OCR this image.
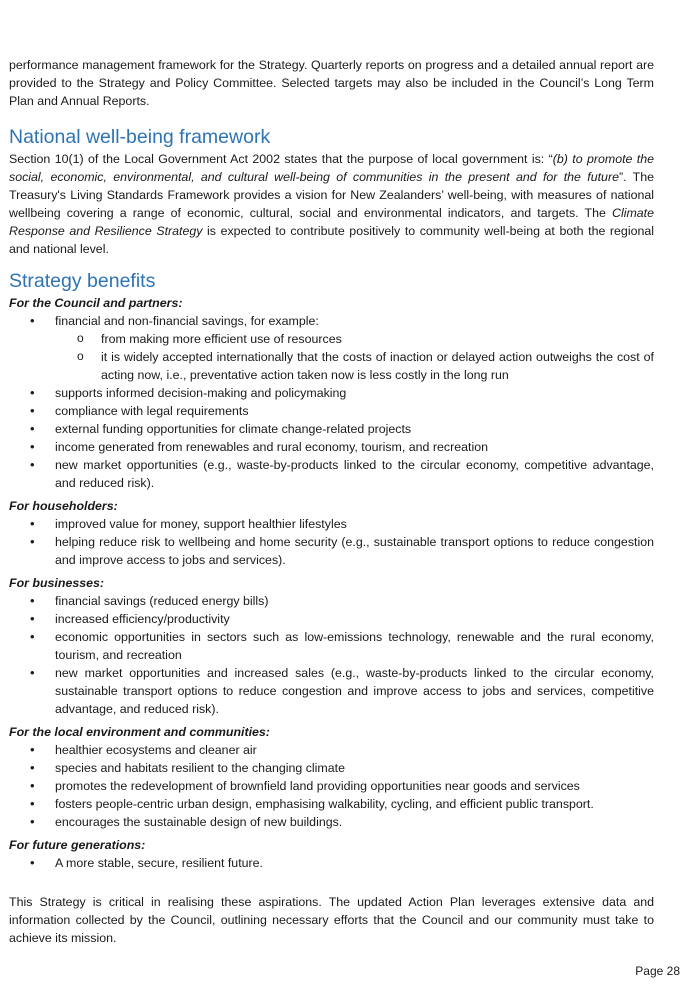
performance management framework for the Strategy. Quarterly reports on progress and a detailed annual report are provided to the Strategy and Policy Committee. Selected targets may also be included in the Council’s Long Term Plan and Annual Reports.

National well-being framework

Section 10(1) of the Local Government Act 2002 states that the purpose of local government is: “(b) to promote the social, economic, environmental, and cultural well-being of communities in the present and for the future”. The Treasury's Living Standards Framework provides a vision for New Zealanders’ well-being, with measures of national wellbeing covering a range of economic, cultural, social and environmental indicators, and targets. The Climate Response and Resilience Strategy is expected to contribute positively to community well-being at both the regional and national level.

Strategy benefits

For the Council and partners:

• financial and non-financial savings, for example:
o from making more efficient use of resources
o it is widely accepted internationally that the costs of inaction or delayed action outweighs the cost of acting now, i.e., preventative action taken now is less costly in the long run
• supports informed decision-making and policymaking
• compliance with legal requirements
• external funding opportunities for climate change-related projects
• income generated from renewables and rural economy, tourism, and recreation
• new market opportunities (e.g., waste-by-products linked to the circular economy, competitive advantage, and reduced risk).

For householders:

• improved value for money, support healthier lifestyles
• helping reduce risk to wellbeing and home security (e.g., sustainable transport options to reduce congestion and improve access to jobs and services).

For businesses:

• financial savings (reduced energy bills)
• increased efficiency/productivity
• economic opportunities in sectors such as low-emissions technology, renewable and the rural economy, tourism, and recreation
• new market opportunities and increased sales (e.g., waste-by-products linked to the circular economy, sustainable transport options to reduce congestion and improve access to jobs and services, competitive advantage, and reduced risk).

For the local environment and communities:

• healthier ecosystems and cleaner air
• species and habitats resilient to the changing climate
• promotes the redevelopment of brownfield land providing opportunities near goods and services
• fosters people-centric urban design, emphasising walkability, cycling, and efficient public transport.
• encourages the sustainable design of new buildings.

For future generations:

• A more stable, secure, resilient future.

This Strategy is critical in realising these aspirations. The updated Action Plan leverages extensive data and information collected by the Council, outlining necessary efforts that the Council and our community must take to achieve its mission.

Page 28
